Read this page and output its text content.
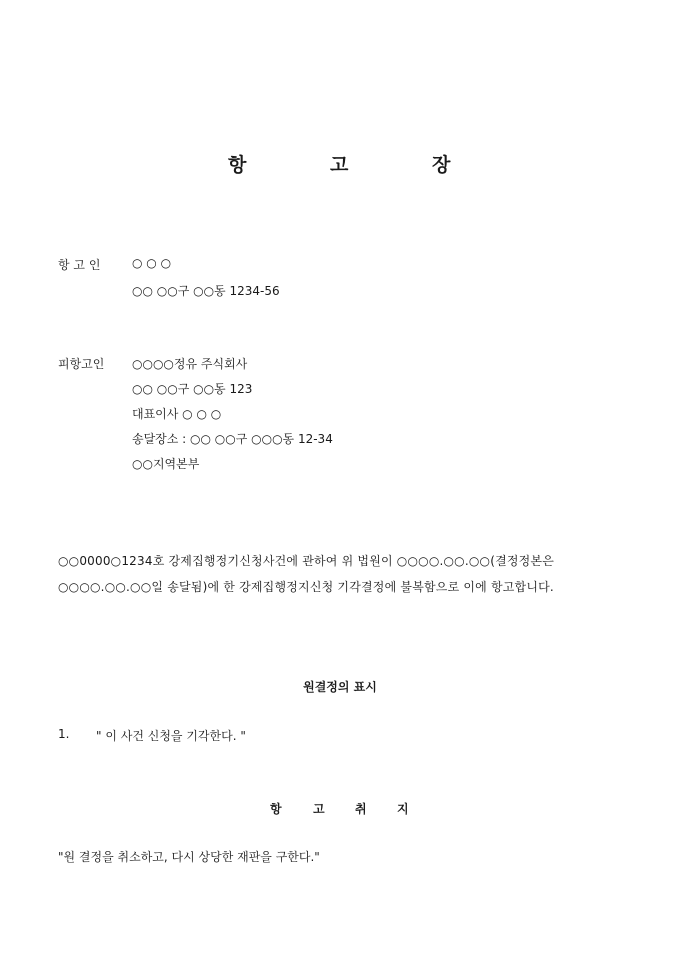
항	고	장
항 고 인	○ ○ ○
○○ ○○구 ○○동 1234-56
피항고인 ○○○○정유 주식회사
○○ ○○구 ○○동 123
대표이사 ○ ○ ○
송달장소 : ○○ ○○구 ○○○동 12-34
○○지역본부
○○0000○1234호 강제집행정기신청사건에 관하여 위 법원이 ○○○○.○○.○○(결정정본은
○○○○.○○.○○일 송달됨)에 한 강제집행정지신청 기각결정에 불복함으로 이에 항고합니다.
원결정의 표시
1. " 이 사건 신청을 기각한다. "
항	고	취	지
"원 결정을 취소하고, 다시 상당한 재판을 구한다."
